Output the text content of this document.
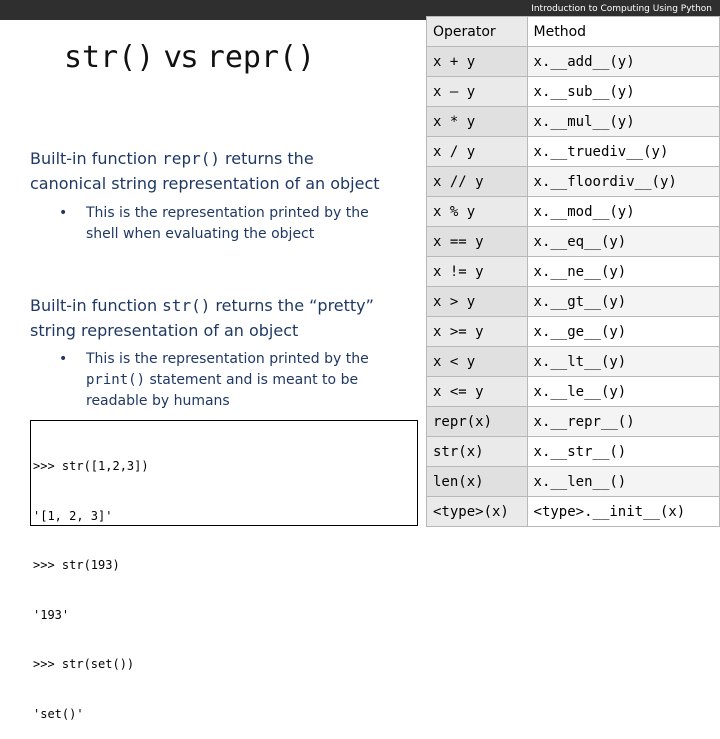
Introduction to Computing Using Python
str() vs repr()
Built-in function repr() returns the
canonical string representation of an object
• This is the representation printed by the shell when evaluating the object
Built-in function str() returns the “pretty”
string representation of an object
• This is the representation printed by the print() statement and is meant to be readable by humans

>>> str([1,2,3])

'[1, 2, 3]'

>>> str(193)

'193'

>>> str(set())

'set()'

Operator	Method
x + y	x.__add__(y)
x – y	x.__sub__(y)
x * y	x.__mul__(y)
x / y	x.__truediv__(y)
x // y	x.__floordiv__(y)
x % y	x.__mod__(y)
x == y	x.__eq__(y)
x != y	x.__ne__(y)
x > y	x.__gt__(y)
x >= y	x.__ge__(y)
x < y	x.__lt__(y)
x <= y	x.__le__(y)
repr(x)	x.__repr__()
str(x)	x.__str__()
len(x)	x.__len__()
<type>(x)	<type>.__init__(x)
